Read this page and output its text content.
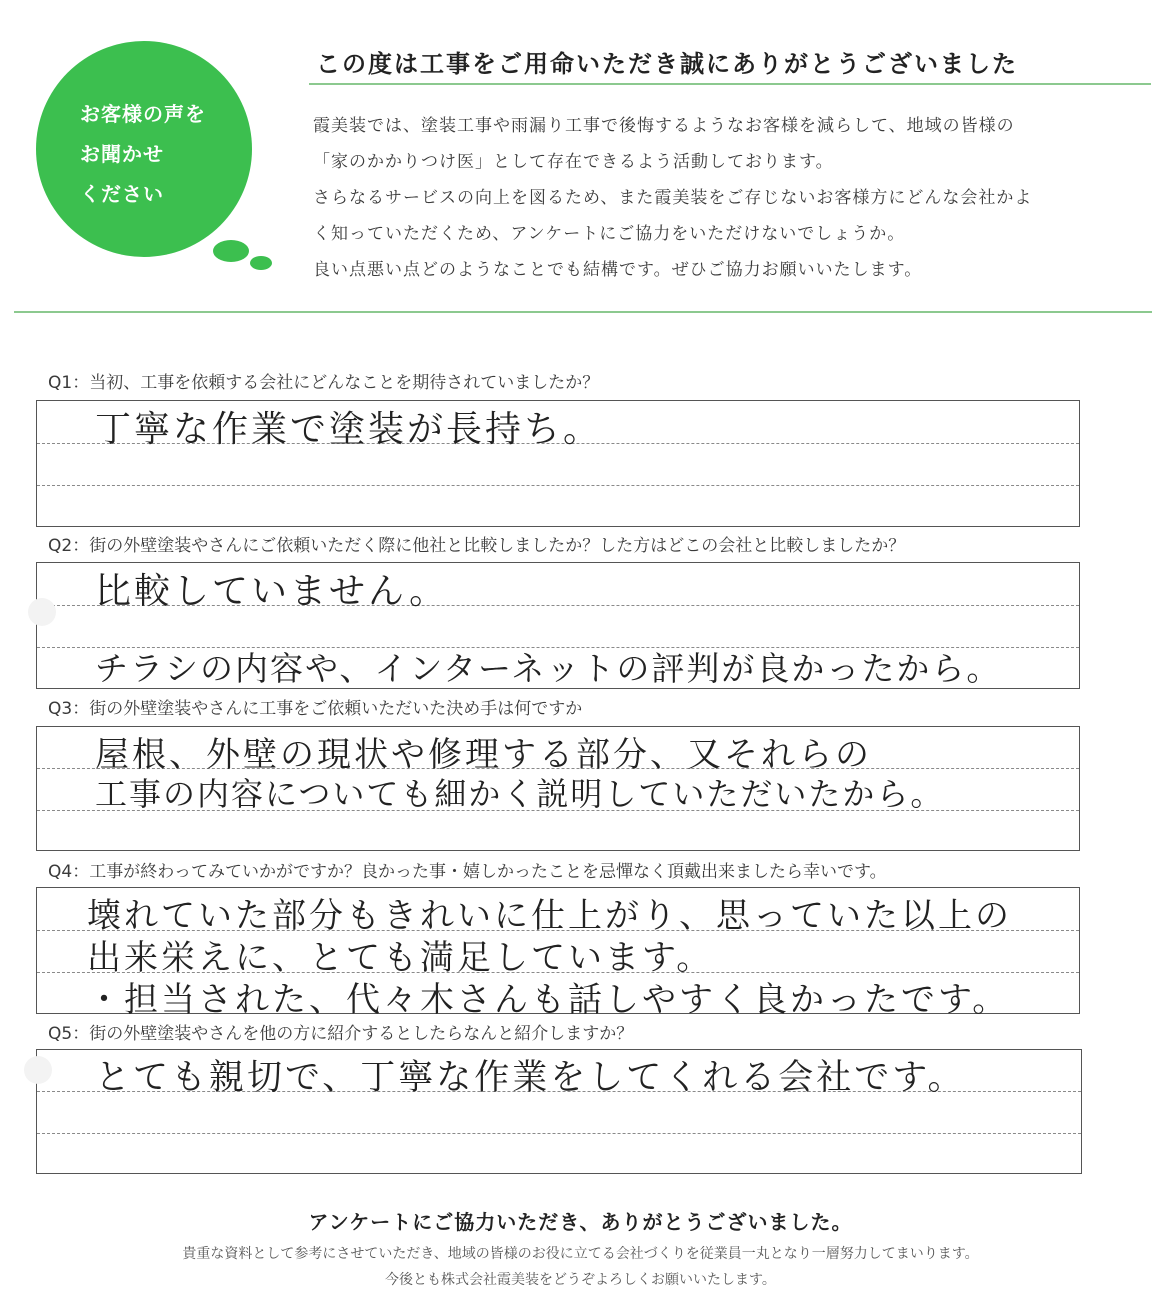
お客様の声を
お聞かせ
ください
この度は工事をご用命いただき誠にありがとうございました

霞美装では、塗装工事や雨漏り工事で後悔するようなお客様を減らして、地域の皆様の

「家のかかりつけ医」として存在できるよう活動しております。

さらなるサービスの向上を図るため、また霞美装をご存じないお客様方にどんな会社かよ

く知っていただくため、アンケートにご協力をいただけないでしょうか。

良い点悪い点どのようなことでも結構です。ぜひご協力お願いいたします。

Q1：当初、工事を依頼する会社にどんなことを期待されていましたか？
丁寧な作業で塗装が長持ち。
Q2：街の外壁塗装やさんにご依頼いただく際に他社と比較しましたか？した方はどこの会社と比較しましたか？
比較していません。
チラシの内容や、インターネットの評判が良かったから。
Q3：街の外壁塗装やさんに工事をご依頼いただいた決め手は何ですか
屋根、外壁の現状や修理する部分、又それらの
工事の内容についても細かく説明していただいたから。
Q4：工事が終わってみていかがですか？良かった事・嬉しかったことを忌憚なく頂戴出来ましたら幸いです。
壊れていた部分もきれいに仕上がり、思っていた以上の
出来栄えに、とても満足しています。
・担当された、代々木さんも話しやすく良かったです。
Q5：街の外壁塗装やさんを他の方に紹介するとしたらなんと紹介しますか？
とても親切で、丁寧な作業をしてくれる会社です。
アンケートにご協力いただき、ありがとうございました。
貴重な資料として参考にさせていただき、地域の皆様のお役に立てる会社づくりを従業員一丸となり一層努力してまいります。
今後とも株式会社霞美装をどうぞよろしくお願いいたします。
